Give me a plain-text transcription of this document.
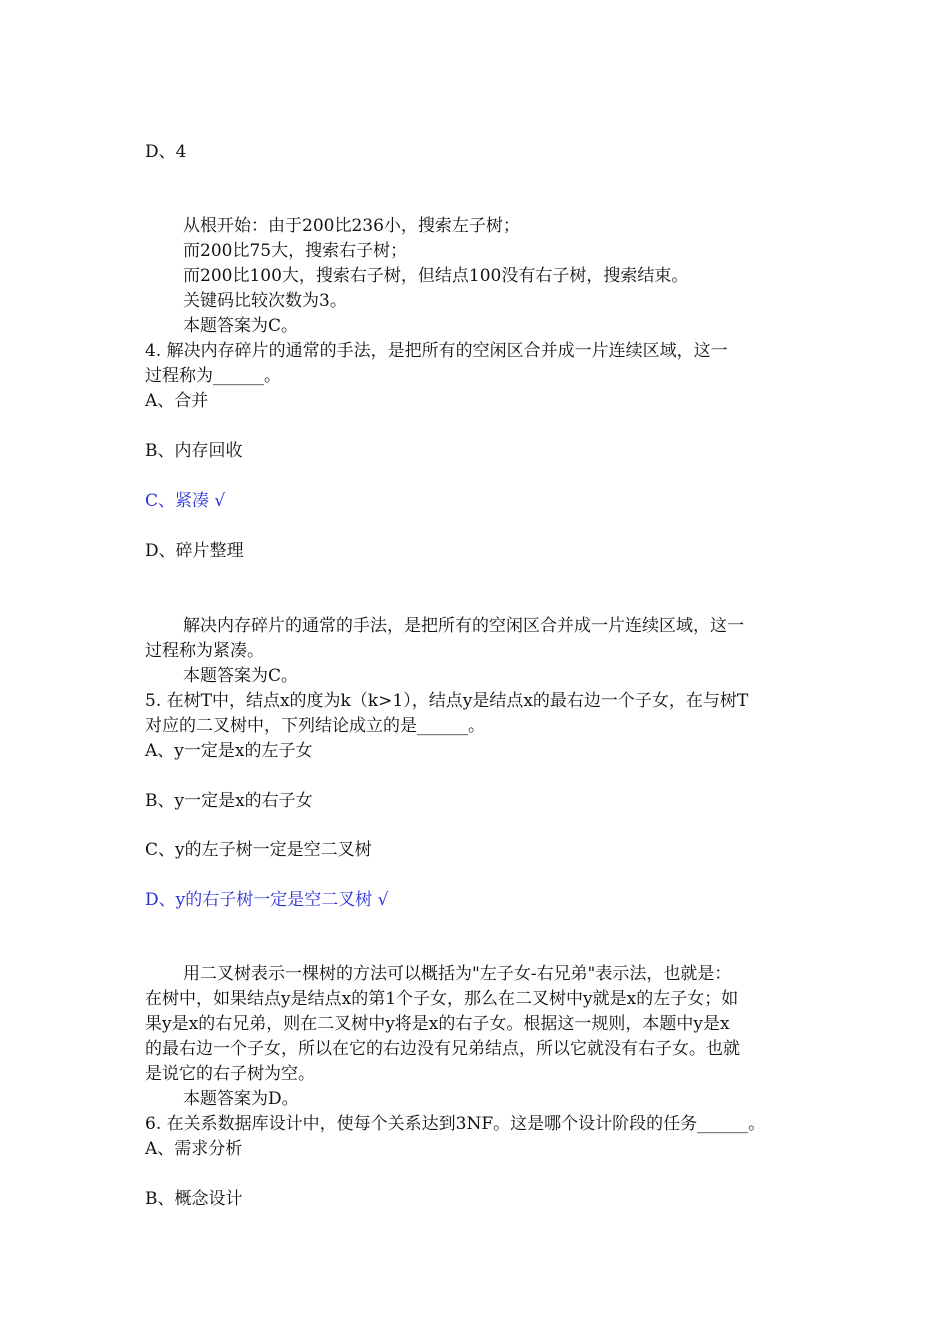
D、4
从根开始：由于200比236小，搜索左子树；
而200比75大，搜索右子树；
而200比100大，搜索右子树，但结点100没有右子树，搜索结束。
关键码比较次数为3。
本题答案为C。
4. 解决内存碎片的通常的手法，是把所有的空闲区合并成一片连续区域，这一
过程称为______。
A、合并
B、内存回收
C、紧凑 √
D、碎片整理
解决内存碎片的通常的手法，是把所有的空闲区合并成一片连续区域，这一
过程称为紧凑。
本题答案为C。
5. 在树T中，结点x的度为k（k>1），结点y是结点x的最右边一个子女，在与树T
对应的二叉树中，下列结论成立的是______。
A、y一定是x的左子女
B、y一定是x的右子女
C、y的左子树一定是空二叉树
D、y的右子树一定是空二叉树 √
用二叉树表示一棵树的方法可以概括为"左子女-右兄弟"表示法，也就是：
在树中，如果结点y是结点x的第1个子女，那么在二叉树中y就是x的左子女；如
果y是x的右兄弟，则在二叉树中y将是x的右子女。根据这一规则，本题中y是x
的最右边一个子女，所以在它的右边没有兄弟结点，所以它就没有右子女。也就
是说它的右子树为空。
本题答案为D。
6. 在关系数据库设计中，使每个关系达到3NF。这是哪个设计阶段的任务______。
A、需求分析
B、概念设计
